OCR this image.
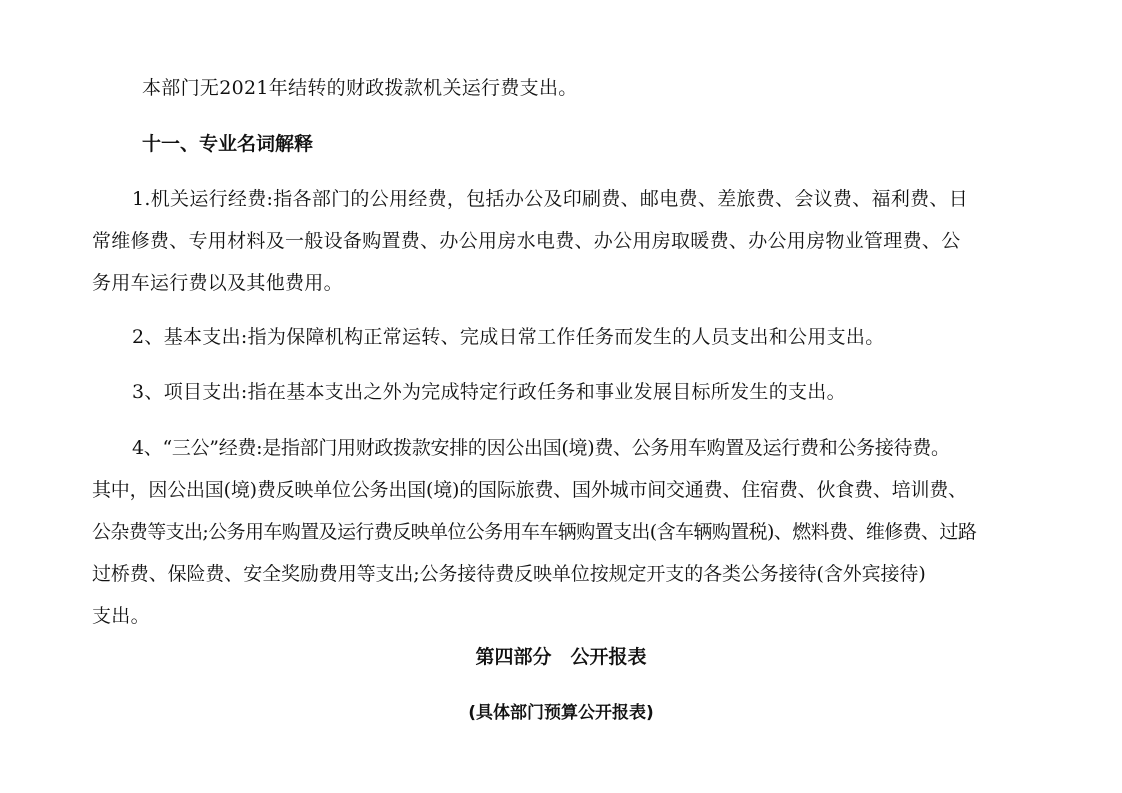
本部门无2021年结转的财政拨款机关运行费支出。
十一、专业名词解释
1.机关运行经费:指各部门的公用经费，包括办公及印刷费、邮电费、差旅费、会议费、福利费、日
常维修费、专用材料及一般设备购置费、办公用房水电费、办公用房取暖费、办公用房物业管理费、公
务用车运行费以及其他费用。
2、基本支出:指为保障机构正常运转、完成日常工作任务而发生的人员支出和公用支出。
3、项目支出:指在基本支出之外为完成特定行政任务和事业发展目标所发生的支出。
4、“三公”经费:是指部门用财政拨款安排的因公出国(境)费、公务用车购置及运行费和公务接待费。
其中，因公出国(境)费反映单位公务出国(境)的国际旅费、国外城市间交通费、住宿费、伙食费、培训费、
公杂费等支出;公务用车购置及运行费反映单位公务用车车辆购置支出(含车辆购置税)、燃料费、维修费、过路
过桥费、保险费、安全奖励费用等支出;公务接待费反映单位按规定开支的各类公务接待(含外宾接待)
支出。
第四部分　公开报表
(具体部门预算公开报表)
